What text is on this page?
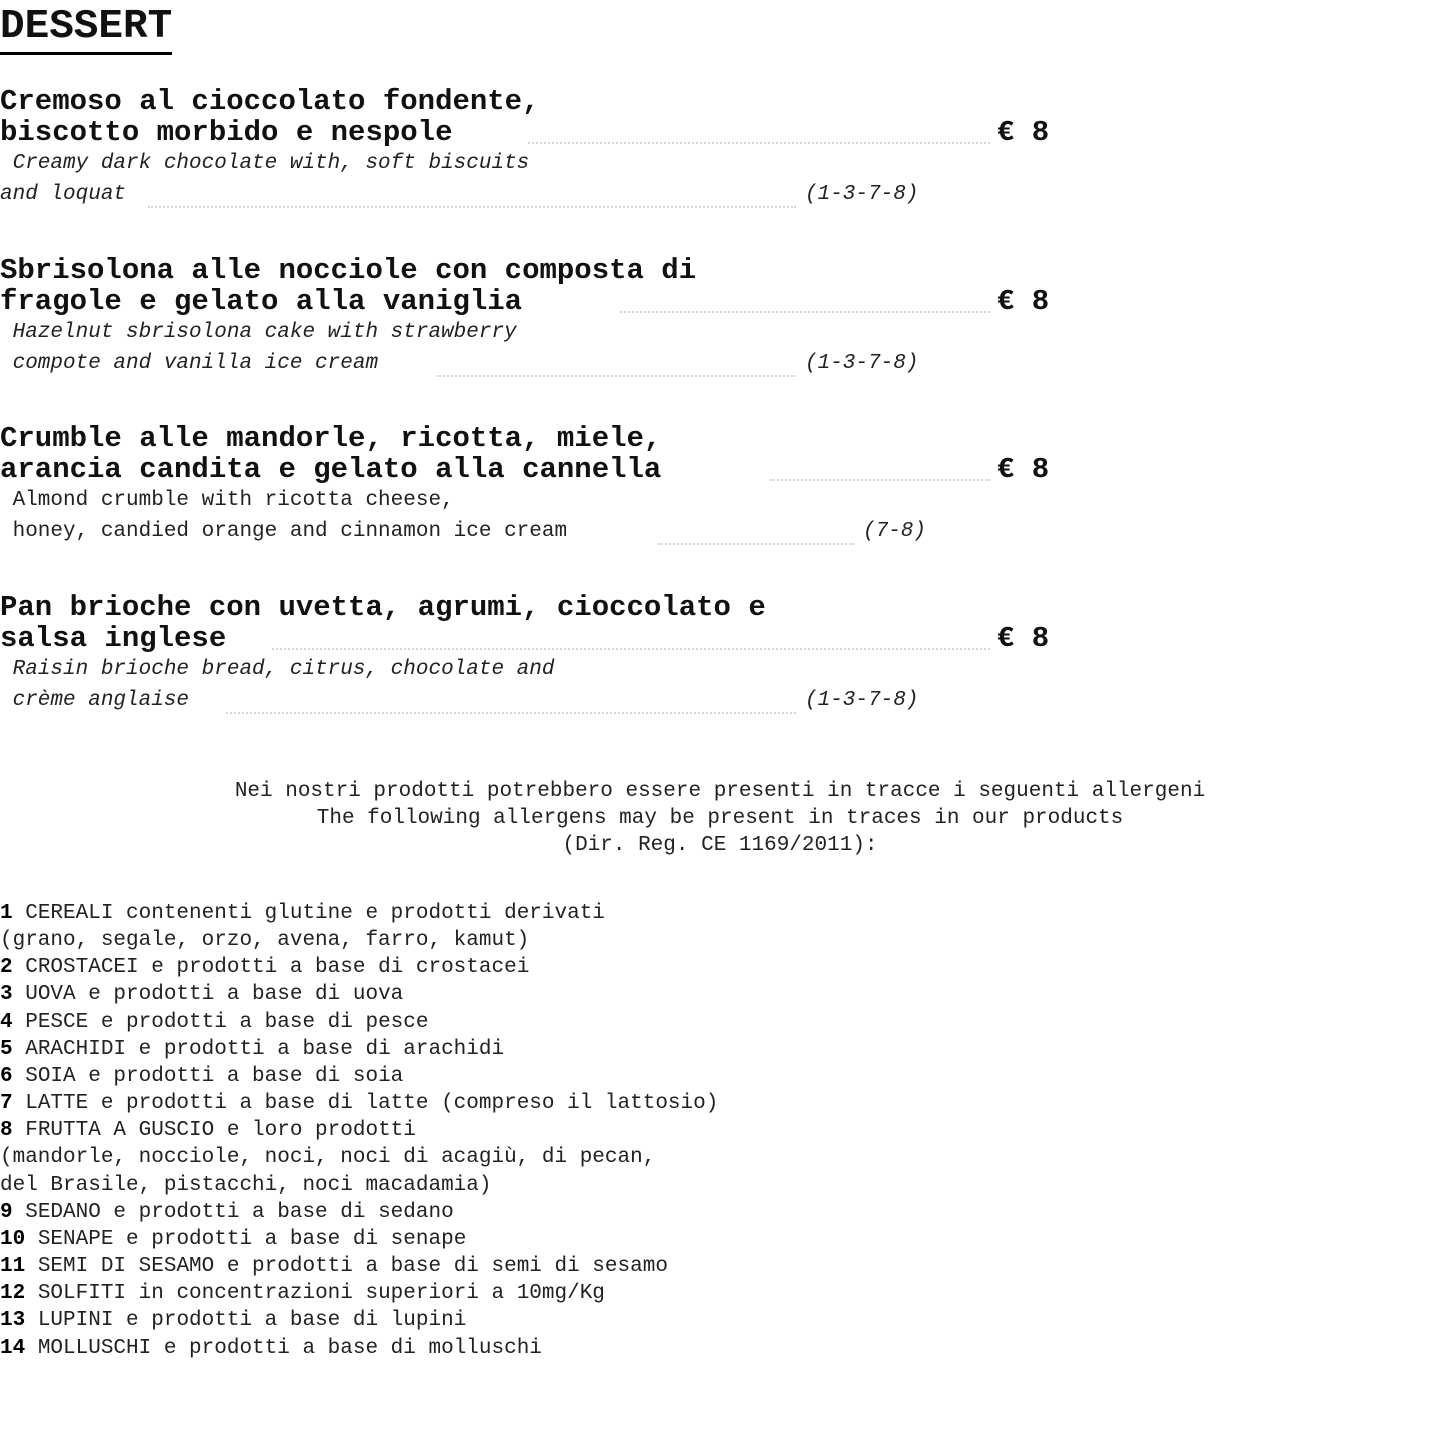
DESSERT
Cremoso al cioccolato fondente,
biscotto morbido e nespole	€ 8
Creamy dark chocolate with, soft biscuits
and loquat	(1-3-7-8)
Sbrisolona alle nocciole con composta di
fragole e gelato alla vaniglia	€ 8
Hazelnut sbrisolona cake with strawberry
compote and vanilla ice cream	(1-3-7-8)
Crumble alle mandorle, ricotta, miele,
arancia candita e gelato alla cannella	€ 8
Almond crumble with ricotta cheese,
honey, candied orange and cinnamon ice cream	(7-8)
Pan brioche con uvetta, agrumi, cioccolato e
salsa inglese	€ 8
Raisin brioche bread, citrus, chocolate and
crème anglaise	(1-3-7-8)
Nei nostri prodotti potrebbero essere presenti in tracce i seguenti allergeni
The following allergens may be present in traces in our products
(Dir. Reg. CE 1169/2011):
1 CEREALI contenenti glutine e prodotti derivati
(grano, segale, orzo, avena, farro, kamut)
2 CROSTACEI e prodotti a base di crostacei
3 UOVA e prodotti a base di uova
4 PESCE e prodotti a base di pesce
5 ARACHIDI e prodotti a base di arachidi
6 SOIA e prodotti a base di soia
7 LATTE e prodotti a base di latte (compreso il lattosio)
8 FRUTTA A GUSCIO e loro prodotti
(mandorle, nocciole, noci, noci di acagiù, di pecan,
del Brasile, pistacchi, noci macadamia)
9 SEDANO e prodotti a base di sedano
10 SENAPE e prodotti a base di senape
11 SEMI DI SESAMO e prodotti a base di semi di sesamo
12 SOLFITI in concentrazioni superiori a 10mg/Kg
13 LUPINI e prodotti a base di lupini
14 MOLLUSCHI e prodotti a base di molluschi
